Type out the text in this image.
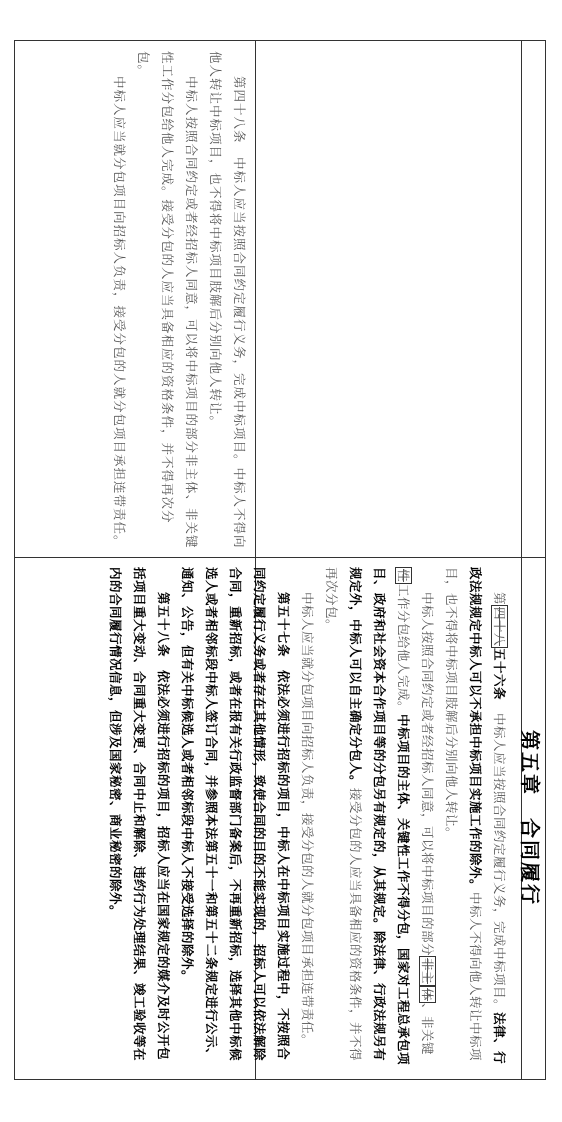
第四十八条　中标人应当按照合同约定履行义务，完成中标项目。中标人不得向他人转让中标项目，也不得将中标项目肢解后分别向他人转让。

中标人按照合同约定或者经招标人同意，可以将中标项目的部分非主体、非关键性工作分包给他人完成。接受分包的人应当具备相应的资格条件，并不得再次分包。

中标人应当就分包项目向招标人负责，接受分包的人就分包项目承担连带责任。

第五章　合同履行

第四十八五十六条　中标人应当按照合同约定履行义务，完成中标项目。法律、行政法规规定中标人可以不承担中标项目实施工作的除外。中标人不得向他人转让中标项目，也不得将中标项目肢解后分别向他人转让。

中标人按照合同约定或者经招标人同意，可以将中标项目的部分非主体、非关键性工作分包给他人完成。中标项目的主体、关键性工作不得分包，国家对工程总承包项目、政府和社会资本合作项目等的分包另有规定的，从其规定。除法律、行政法规另有规定外，中标人可以自主确定分包人。接受分包的人应当具备相应的资格条件，并不得再次分包。

中标人应当就分包项目向招标人负责，接受分包的人就分包项目承担连带责任。

第五十七条　依法必须进行招标的项目，中标人在中标项目实施过程中，不按照合同约定履行义务或者存在其他情形，致使合同的目的不能实现的，招标人可以依法解除合同，重新招标，或者在报有关行政监督部门备案后，不再重新招标，选择其他中标候选人或者相邻标段中标人签订合同，并参照本法第五十一和第五十二条规定进行公示、通知、公告，但有关中标候选人或者相邻标段中标人不接受选择的除外。

第五十八条　依法必须进行招标的项目，招标人应当在国家规定的媒介及时公开包括项目重大变动、合同重大变更、合同中止和解除、违约行为处理结果、竣工验收等在内的合同履行情况信息，但涉及国家秘密、商业秘密的除外。
